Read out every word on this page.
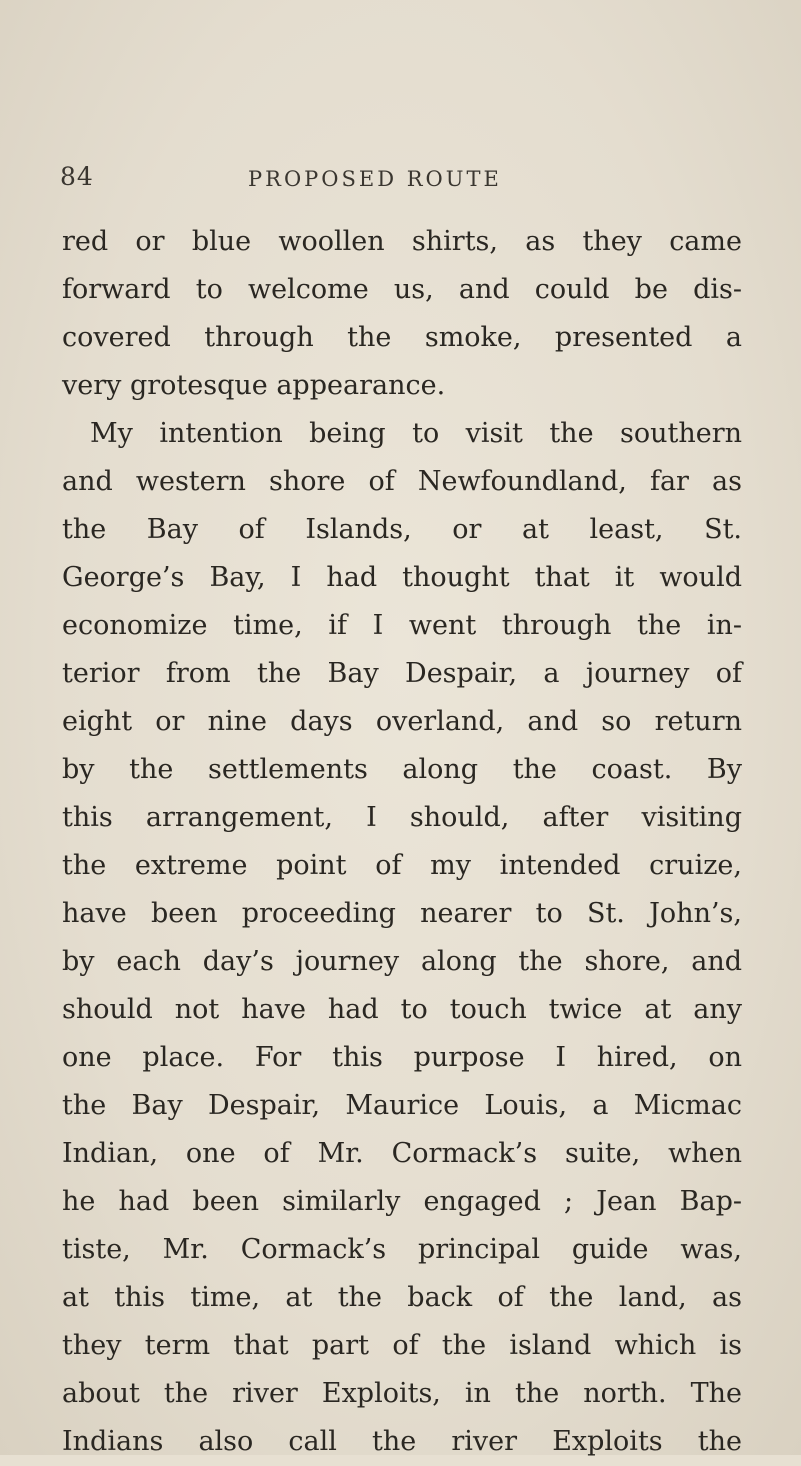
84	PROPOSED ROUTE
red or blue woollen shirts, as they came
forward to welcome us, and could be dis-
covered through the smoke, presented a
very grotesque appearance.
My intention being to visit the southern
and western shore of Newfoundland, far as
the Bay of Islands, or at least, St.
George’s Bay, I had thought that it would
economize time, if I went through the in-
terior from the Bay Despair, a journey of
eight or nine days overland, and so return
by the settlements along the coast. By
this arrangement, I should, after visiting
the extreme point of my intended cruize,
have been proceeding nearer to St. John’s,
by each day’s journey along the shore, and
should not have had to touch twice at any
one place. For this purpose I hired, on
the Bay Despair, Maurice Louis, a Micmac
Indian, one of Mr. Cormack’s suite, when
he had been similarly engaged ; Jean Bap-
tiste, Mr. Cormack’s principal guide was,
at this time, at the back of the land, as
they term that part of the island which is
about the river Exploits, in the north. The
Indians also call the river Exploits the
